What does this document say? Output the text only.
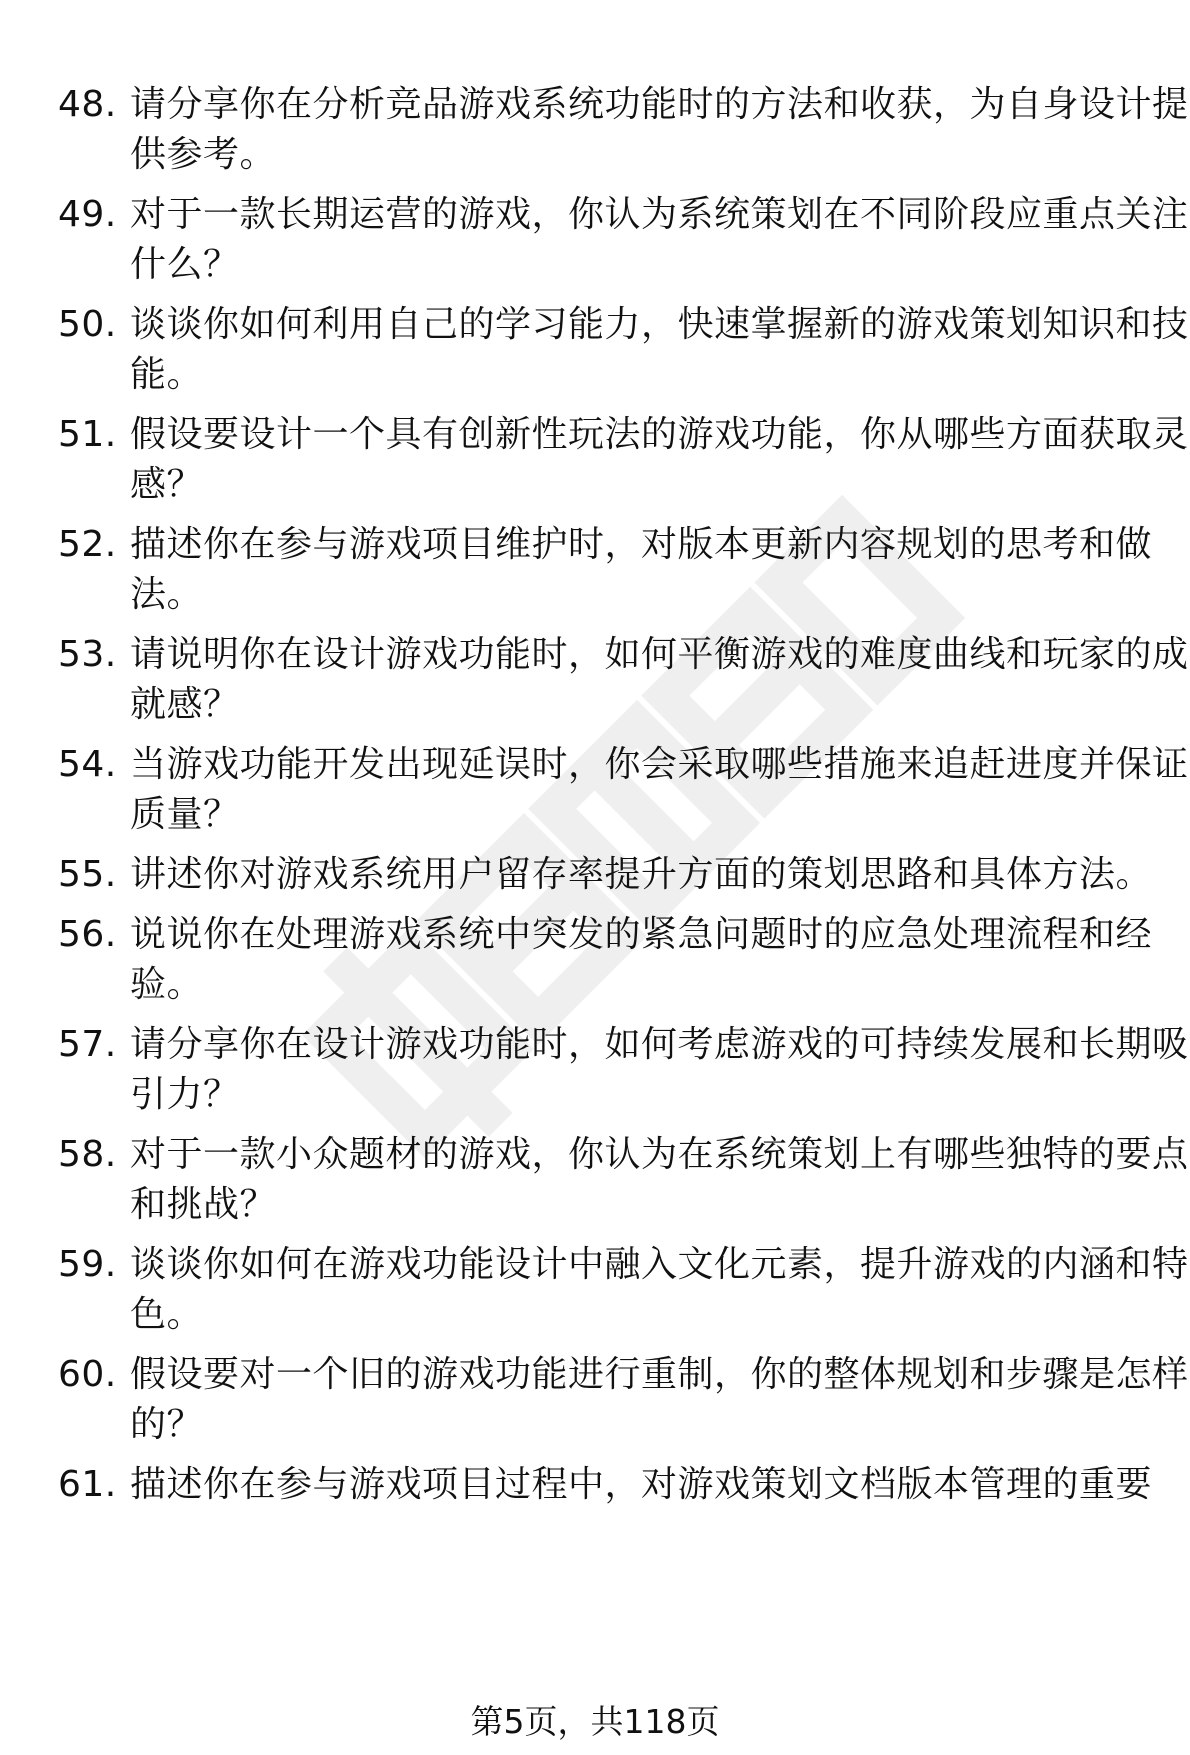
48. 请分享你在分析竞品游戏系统功能时的方法和收获，为自身设计提供参考。
49. 对于一款长期运营的游戏，你认为系统策划在不同阶段应重点关注什么？
50. 谈谈你如何利用自己的学习能力，快速掌握新的游戏策划知识和技能。
51. 假设要设计一个具有创新性玩法的游戏功能，你从哪些方面获取灵感？
52. 描述你在参与游戏项目维护时，对版本更新内容规划的思考和做法。
53. 请说明你在设计游戏功能时，如何平衡游戏的难度曲线和玩家的成就感？
54. 当游戏功能开发出现延误时，你会采取哪些措施来追赶进度并保证质量？
55. 讲述你对游戏系统用户留存率提升方面的策划思路和具体方法。
56. 说说你在处理游戏系统中突发的紧急问题时的应急处理流程和经验。
57. 请分享你在设计游戏功能时，如何考虑游戏的可持续发展和长期吸引力？
58. 对于一款小众题材的游戏，你认为在系统策划上有哪些独特的要点和挑战？
59. 谈谈你如何在游戏功能设计中融入文化元素，提升游戏的内涵和特色。
60. 假设要对一个旧的游戏功能进行重制，你的整体规划和步骤是怎样的？
61. 描述你在参与游戏项目过程中，对游戏策划文档版本管理的重要
第5页，共118页
